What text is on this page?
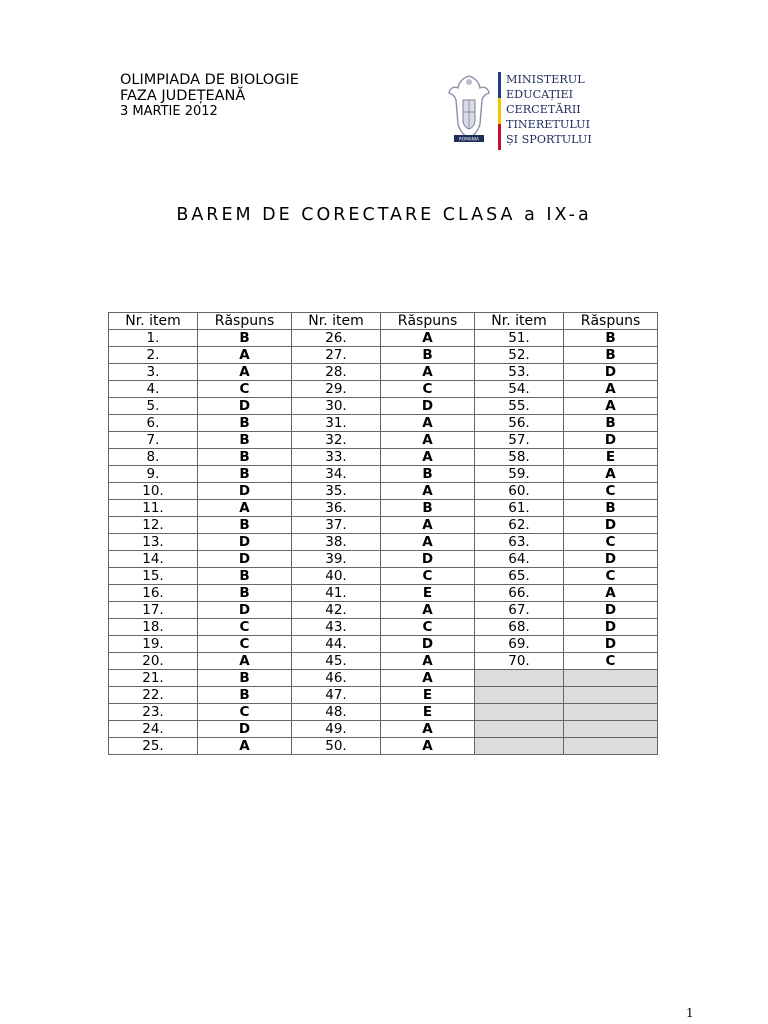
OLIMPIADA DE BIOLOGIE
FAZA JUDEȚEANĂ
3 MARTIE 2012
ROMANIA
MINISTERUL
EDUCAȚIEI
CERCETĂRII
TINERETULUI
ȘI SPORTULUI
BAREM DE CORECTARE CLASA a IX-a
Nr. item	Răspuns	Nr. item	Răspuns	Nr. item	Răspuns
1.	B	26.	A	51.	B
2.	A	27.	B	52.	B
3.	A	28.	A	53.	D
4.	C	29.	C	54.	A
5.	D	30.	D	55.	A
6.	B	31.	A	56.	B
7.	B	32.	A	57.	D
8.	B	33.	A	58.	E
9.	B	34.	B	59.	A
10.	D	35.	A	60.	C
11.	A	36.	B	61.	B
12.	B	37.	A	62.	D
13.	D	38.	A	63.	C
14.	D	39.	D	64.	D
15.	B	40.	C	65.	C
16.	B	41.	E	66.	A
17.	D	42.	A	67.	D
18.	C	43.	C	68.	D
19.	C	44.	D	69.	D
20.	A	45.	A	70.	C
21.	B	46.	A		
22.	B	47.	E		
23.	C	48.	E		
24.	D	49.	A		
25.	A	50.	A		
1
